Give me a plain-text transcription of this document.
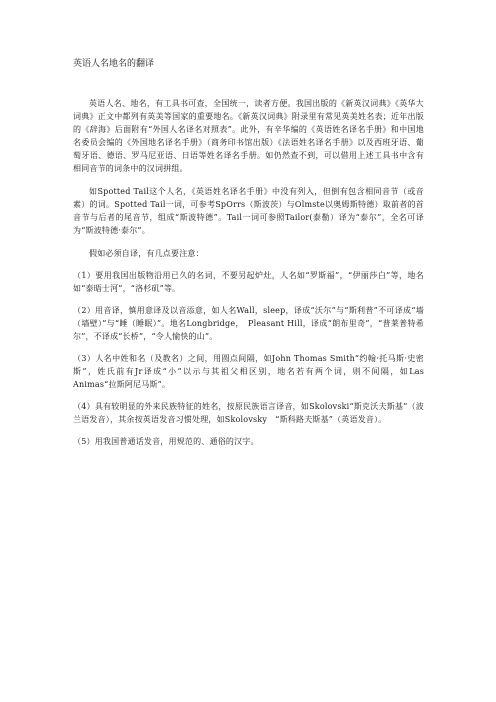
英语人名地名的翻译

英语人名、地名，有工具书可查，全国统一，读者方便。我国出版的《新英汉词典》《英华大词典》正文中都列有英美等国家的重要地名。《新英汉词典》附录里有常见英美姓名表；近年出版的《辞海》后面附有“外国人名译名对照表”。此外，有辛华编的《英语姓名译名手册》和中国地名委员会编的《外国地名译名手册》（商务印书馆出版）《法语姓名译名手册》以及西班牙语、葡萄牙语、德语、罗马尼亚语、日语等姓名译名手册。如仍然查不到，可以借用上述工具书中含有相同音节的词条中的汉词拼组。

如Spotted Tail这个人名，《英语姓名译名手册》中没有列入，但倒有包含相同音节（或音素）的词。Spotted Tail一词，可参考SpOrrs（斯波茨）与Olmste以奥姆斯特德）取前者的首音节与后者的尾音节，组成“斯波特德”。Tail一词可参照Tailor(泰勒）译为“泰尔”，全名可译为“斯波特德·泰尔”。

假如必须自译，有几点要注意：

（1）要用我国出版物沿用已久的名词，不要另起炉灶，人名如“罗斯福”，“伊丽莎白”等，地名如“泰晤士河”，“洛杉矶”等。

（2）用音译，慎用意译及以音添意，如人名Wall，sleep，译成“沃尔”与“斯利普”不可译成“墙（墙壁）”与“睡（睡眠）”。地名Longbridge，　Pleasant Hill，译成“朗布里奇”，“普莱普特希尔”，不译成“长桥”，“令人愉快的山”。

（3）人名中姓和名（及教名）之间，用圆点间隔，如John Thomas Smith“约翰·托马斯·史密斯”，姓氏前有Jr译成“小”以示与其祖父相区别，地名若有两个词，则不间隔，如Las Animas“拉斯阿尼马斯”。

（4）具有较明显的外来民族特征的姓名，按原民族语言译音，如Skolovski“斯克沃夫斯基”（波兰语发音），其余按英语发音习惯处理，如Skolovsky　“斯科路夫斯基”（英语发音）。

（5）用我国普通话发音，用规范的、通俗的汉字。
